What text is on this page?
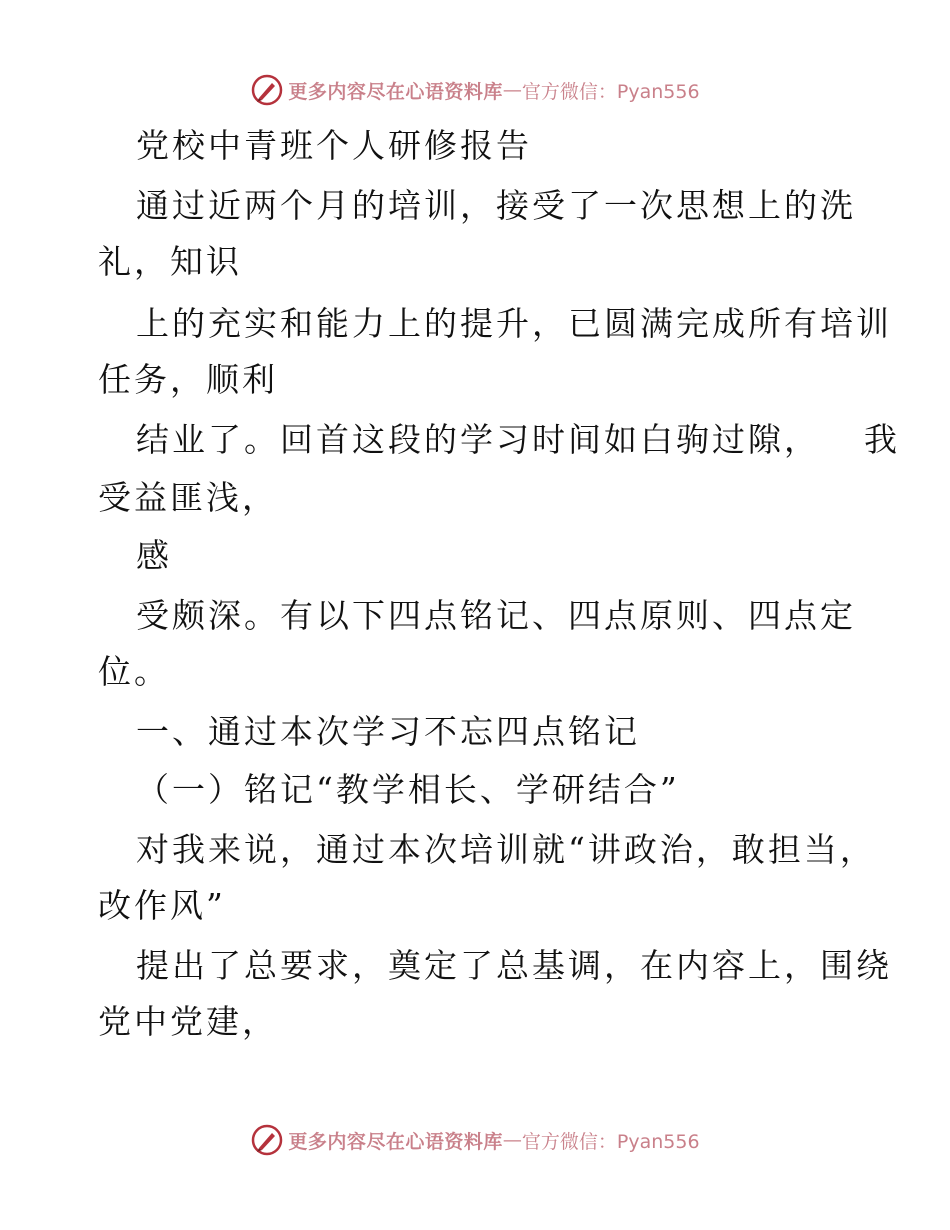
更多内容尽在心语资料库 — 官方微信：Pyan556
党校中青班个人研修报告
通过近两个月的培训，接受了一次思想上的洗
礼，知识
上的充实和能力上的提升，已圆满完成所有培训
任务，顺利
结业了。回首这段的学习时间如白驹过隙， 我
受益匪浅，
感
受颇深。有以下四点铭记、四点原则、四点定
位。
一、通过本次学习不忘四点铭记
（一）铭记“教学相长、学研结合”
对我来说，通过本次培训就“讲政治，敢担当，
改作风”
提出了总要求，奠定了总基调，在内容上，围绕
党中党建，
更多内容尽在心语资料库 — 官方微信：Pyan556
